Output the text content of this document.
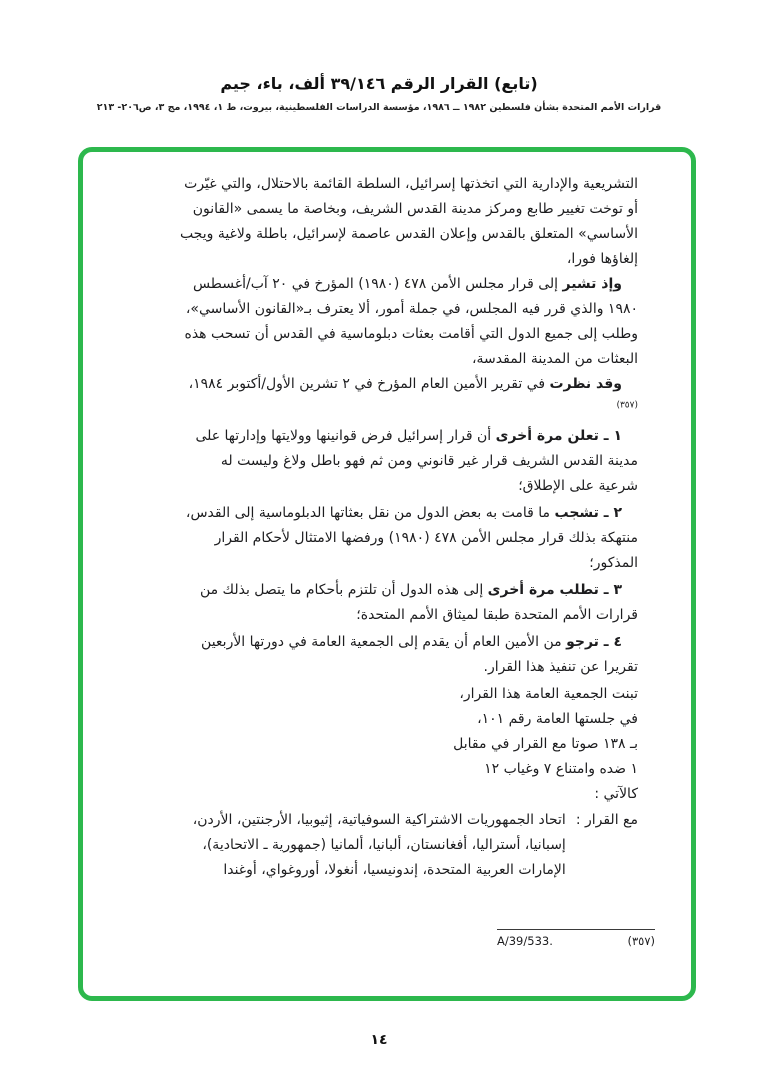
(تابع) القرار الرقم ٣٩/١٤٦ ألف، باء، جيم
قرارات الأمم المتحدة بشأن فلسطين ١٩٨٢ ــ ١٩٨٦، مؤسسة الدراسات الفلسطينية، بيروت، ط ١، ١٩٩٤، مج ٣، ص٢٠٦- ٢١٣

التشريعية والإدارية التي اتخذتها إسرائيل، السلطة القائمة بالاحتلال، والتي غيّرت أو توخت تغيير طابع ومركز مدينة القدس الشريف، وبخاصة ما يسمى «القانون الأساسي» المتعلق بالقدس وإعلان القدس عاصمة لإسرائيل، باطلة ولاغية ويجب إلغاؤها فورا،

وإذ تشير إلى قرار مجلس الأمن ٤٧٨ (١٩٨٠) المؤرخ في ٢٠ آب/أغسطس ١٩٨٠ والذي قرر فيه المجلس، في جملة أمور، ألا يعترف بـ«القانون الأساسي»، وطلب إلى جميع الدول التي أقامت بعثات دبلوماسية في القدس أن تسحب هذه البعثات من المدينة المقدسة،

وقد نظرت في تقرير الأمين العام المؤرخ في ٢ تشرين الأول/أكتوبر ١٩٨٤،$^{(٣٥٧)}$

١ ـ تعلن مرة أخرى أن قرار إسرائيل فرض قوانينها وولايتها وإدارتها على مدينة القدس الشريف قرار غير قانوني ومن ثم فهو باطل ولاغ وليست له شرعية على الإطلاق؛

٢ ـ تشجب ما قامت به بعض الدول من نقل بعثاتها الدبلوماسية إلى القدس، منتهكة بذلك قرار مجلس الأمن ٤٧٨ (١٩٨٠) ورفضها الامتثال لأحكام القرار المذكور؛

٣ ـ تطلب مرة أخرى إلى هذه الدول أن تلتزم بأحكام ما يتصل بذلك من قرارات الأمم المتحدة طبقا لميثاق الأمم المتحدة؛

٤ ـ ترجو من الأمين العام أن يقدم إلى الجمعية العامة في دورتها الأربعين تقريرا عن تنفيذ هذا القرار.

تبنت الجمعية العامة هذا القرار،
في جلستها العامة رقم ١٠١،
بـ ١٣٨ صوتا مع القرار في مقابل
١ ضده وامتناع ٧ وغياب ١٢
كالآتي :
مع القرار :
اتحاد الجمهوريات الاشتراكية السوفياتية، إثيوبيا، الأرجنتين، الأردن، إسبانيا، أستراليا، أفغانستان، ألبانيا، ألمانيا (جمهورية ـ الاتحادية)، الإمارات العربية المتحدة، إندونيسيا، أنغولا، أوروغواي، أوغندا
(٣٥٧)
A/39/533.
١٤
